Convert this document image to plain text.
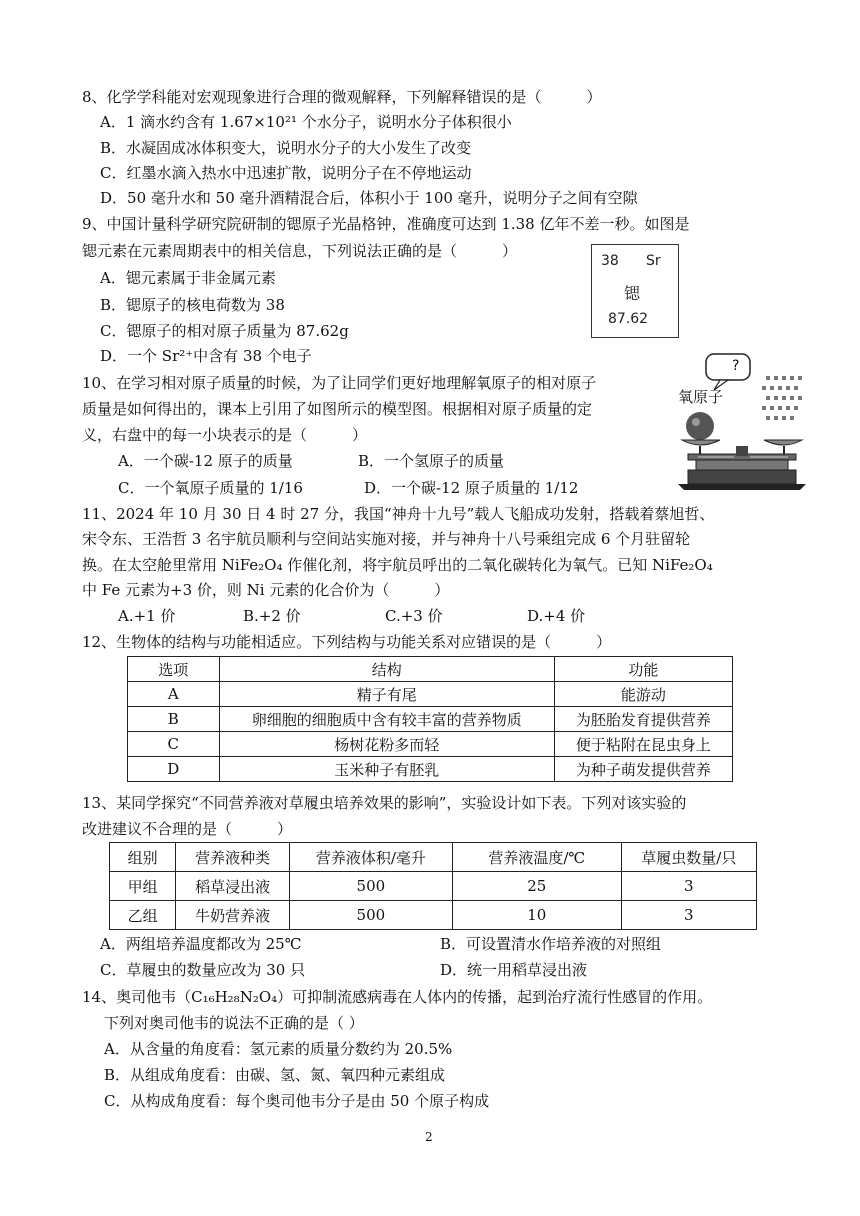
8、化学学科能对宏观现象进行合理的微观解释，下列解释错误的是（　　　）
A．1 滴水约含有 1.67×10²¹ 个水分子，说明水分子体积很小
B．水凝固成冰体积变大，说明水分子的大小发生了改变
C．红墨水滴入热水中迅速扩散，说明分子在不停地运动
D．50 毫升水和 50 毫升酒精混合后，体积小于 100 毫升，说明分子之间有空隙
9、中国计量科学研究院研制的锶原子光晶格钟，准确度可达到 1.38 亿年不差一秒。如图是
锶元素在元素周期表中的相关信息，下列说法正确的是（　　　）
A．锶元素属于非金属元素
B．锶原子的核电荷数为 38
C．锶原子的相对原子质量为 87.62g
D．一个 Sr²⁺中含有 38 个电子
38 Sr
锶
87.62
10、在学习相对原子质量的时候，为了让同学们更好地理解氧原子的相对原子
质量是如何得出的，课本上引用了如图所示的模型图。根据相对原子质量的定
义，右盘中的每一小块表示的是（　　　）
A．一个碳-12 原子的质量	B．一个氢原子的质量
C．一个氧原子质量的 1/16	D．一个碳-12 原子质量的 1/12
?
氧原子
11、2024 年 10 月 30 日 4 时 27 分，我国“神舟十九号”载人飞船成功发射，搭载着蔡旭哲、
宋令东、王浩哲 3 名宇航员顺利与空间站实施对接，并与神舟十八号乘组完成 6 个月驻留轮
换。在太空舱里常用 NiFe₂O₄ 作催化剂，将宇航员呼出的二氧化碳转化为氧气。已知 NiFe₂O₄
中 Fe 元素为+3 价，则 Ni 元素的化合价为（　　　）
A.+1 价	B.+2 价	C.+3 价	D.+4 价
12、生物体的结构与功能相适应。下列结构与功能关系对应错误的是（　　　）
选项	结构	功能
A	精子有尾	能游动
B	卵细胞的细胞质中含有较丰富的营养物质	为胚胎发育提供营养
C	杨树花粉多而轻	便于粘附在昆虫身上
D	玉米种子有胚乳	为种子萌发提供营养
13、某同学探究“不同营养液对草履虫培养效果的影响”，实验设计如下表。下列对该实验的
改进建议不合理的是（　　　）
组别	营养液种类	营养液体积/毫升	营养液温度/℃	草履虫数量/只
甲组	稻草浸出液	500	25	3
乙组	牛奶营养液	500	10	3
A．两组培养温度都改为 25℃	B．可设置清水作培养液的对照组
C．草履虫的数量应改为 30 只	D．统一用稻草浸出液
14、奥司他韦（C₁₆H₂₈N₂O₄）可抑制流感病毒在人体内的传播，起到治疗流行性感冒的作用。
下列对奥司他韦的说法不正确的是（ ）
A．从含量的角度看：氢元素的质量分数约为 20.5%
B．从组成角度看：由碳、氢、氮、氧四种元素组成
C．从构成角度看：每个奥司他韦分子是由 50 个原子构成
2
